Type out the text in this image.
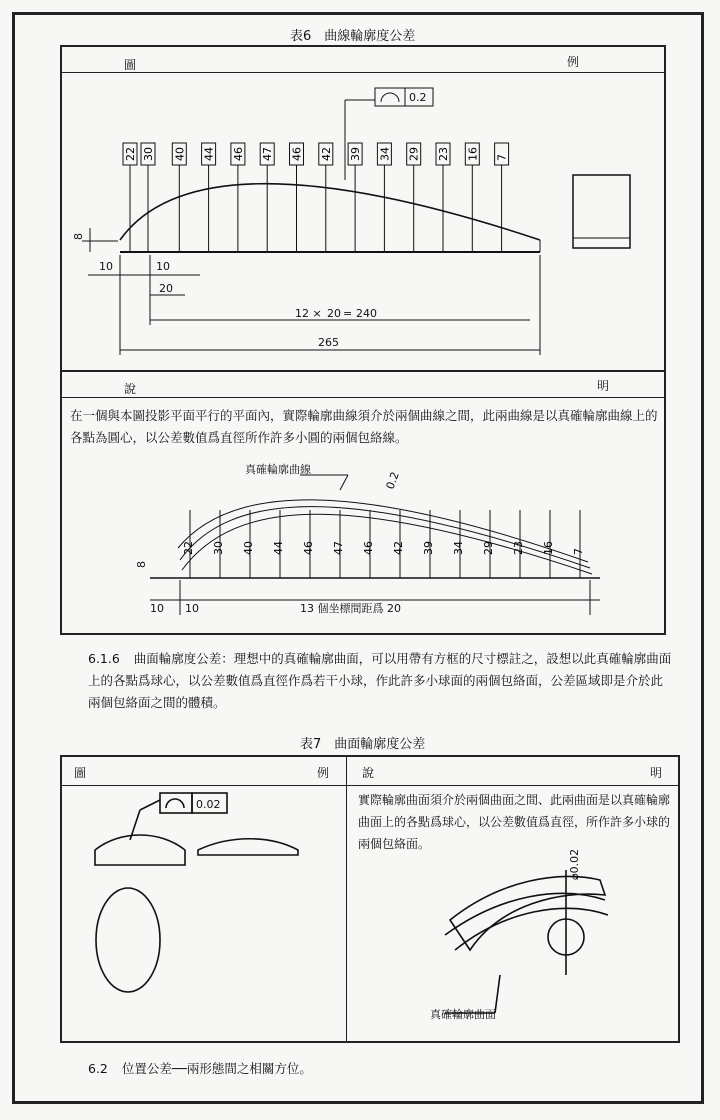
表6　曲線輪廓度公差
圖	例
說	明
在一個與本圖投影平面平行的平面內，實際輪廓曲線須介於兩個曲線之間，此兩曲線是以真確輪廓曲線上的各點為圓心，以公差數值爲直徑所作許多小圓的兩個包絡線。
22 30 40 44 46 47 46 42 39 34 29 23 16 7
22 30 40 44 46 47 46 42 39 34 29 23 16 7
0.2
8
10	10
20
12 × 20 = 240
265
真確輪廓曲線
0.2
8
10 10	13 個坐標間距爲 20
0.02
⌀0.02
真確輪廓曲面
6.1.6 曲面輪廓度公差：理想中的真確輪廓曲面，可以用帶有方框的尺寸標註之，設想以此真確輪廓曲面上的各點爲球心，以公差數值爲直徑作爲若干小球，作此許多小球面的兩個包絡面，公差區域即是介於此兩個包絡面之間的體積。
表7　曲面輪廓度公差
圖	例	說	明
實際輪廓曲面須介於兩個曲面之間、此兩曲面是以真確輪廓曲面上的各點爲球心，以公差數值爲直徑，所作許多小球的兩個包絡面。
6.2 位置公差──兩形態間之相關方位。
